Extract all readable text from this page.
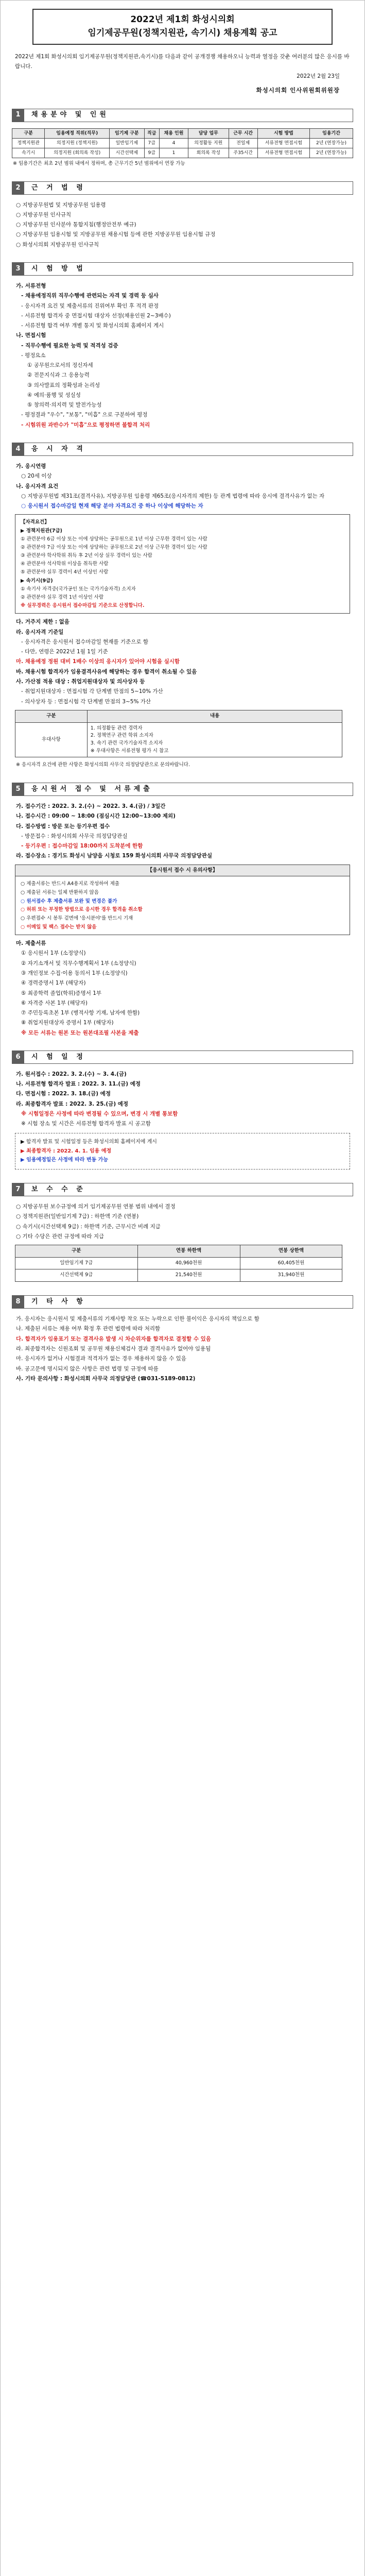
2022년 제1회 화성시의회
임기제공무원(정책지원관, 속기시) 채용계획 공고

2022년 제1회 화성시의회 임기제공무원(정책지원관,속기시)를 다음과 같이 공개경쟁 채용하오니 능력과 열정을 갖춘 여러분의 많은 응시를 바랍니다.

2022년 2월 23일

화성시의회 인사위원회위원장

1	채용분야 및 인원
구분	임용예정 직위(직무)	임기제 구분	직급	채용 인원	담당 업무	근무 시간	시험 방법	임용기간
정책지원관	의정지원 (정책지원)	일반임기제	7급	4	의정활동 지원	전일제	서류전형 면접시험	2년 (연장가능)
속기시	의정지원 (회의록 작성)	시간선택제	9급	1	회의록 작성	주35시간	서류전형 면접시험	2년 (연장가능)

※ 임용기간은 최초 2년 범위 내에서 정하며, 총 근무기간 5년 범위에서 연장 가능

2	근 거 법 령

○ 지방공무원법 및 지방공무원 임용령

○ 지방공무원 인사규칙

○ 지방공무원 인사분야 통합지침(행정안전부 예규)

○ 지방공무원 임용시험 및 지방공무원 채용시험 등에 관한 지방공무원 임용시험 규정

○ 화성시의회 지방공무원 인사규칙

3	시 험 방 법

가. 서류전형

- 채용예정직위 직무수행에 관련되는 자격 및 경력 등 심사

- 응시자격 요건 및 제출서류의 진위여부 확인 후 적격 판정

- 서류전형 합격자 중 면접시험 대상자 선정(채용인원 2~3배수)

- 서류전형 합격 여부 개별 통지 및 화성시의회 홈페이지 게시

나. 면접시험

- 직무수행에 필요한 능력 및 적격성 검증

- 평정요소

① 공무원으로서의 정신자세

② 전문지식과 그 응용능력

③ 의사발표의 정확성과 논리성

④ 예의·품행 및 성실성

⑤ 창의력·의지력 및 발전가능성

- 평정결과 "우수", "보통", "미흡" 으로 구분하여 평정

- 시험위원 과반수가 "미흡"으로 평정하면 불합격 처리

4	응 시 자 격

가. 응시연령

○ 20세 이상

나. 응시자격 요건

○ 지방공무원법 제31조(결격사유), 지방공무원 임용령 제65조(응시자격의 제한) 등 관계 법령에 따라 응시에 결격사유가 없는 자

○ 응시원서 접수마감일 현재 해당 분야 자격요건 중 하나 이상에 해당하는 자

【자격요건】

▶ 정책지원관(7급)

① 관련분야 6급 이상 또는 이에 상당하는 공무원으로 1년 이상 근무한 경력이 있는 사람

② 관련분야 7급 이상 또는 이에 상당하는 공무원으로 2년 이상 근무한 경력이 있는 사람

③ 관련분야 학사학위 취득 후 2년 이상 실무 경력이 있는 사람

④ 관련분야 석사학위 이상을 취득한 사람

⑤ 관련분야 실무 경력이 4년 이상인 사람

▶ 속기시(9급)

① 속기사 자격증(국가공인 또는 국가기술자격) 소지자

② 관련분야 실무 경력 1년 이상인 사람

※ 실무경력은 응시원서 접수마감일 기준으로 산정합니다.

다. 거주지 제한 : 없음

라. 응시자격 기준일

- 응시자격은 응시원서 접수마감일 현재를 기준으로 함

- 다만, 연령은 2022년 1월 1일 기준

마. 채용예정 정원 대비 1배수 이상의 응시자가 있어야 시험을 실시함

바. 채용시험 합격자가 임용결격사유에 해당하는 경우 합격이 취소될 수 있음

사. 가산점 적용 대상 : 취업지원대상자 및 의사상자 등

- 취업지원대상자 : 면접시험 각 단계별 만점의 5~10% 가산

- 의사상자 등 : 면접시험 각 단계별 만점의 3~5% 가산

구분	내용
우대사항	1. 의정활동 관련 경력자
2. 정책연구 관련 학위 소지자
3. 속기 관련 국가기술자격 소지자
※ 우대사항은 서류전형 평가 시 참고

※ 응시자격 요건에 관한 사항은 화성시의회 사무국 의정담당관으로 문의바랍니다.

5	응시원서 접수 및 서류제출

가. 접수기간 : 2022. 3. 2.(수) ~ 2022. 3. 4.(금) / 3일간

나. 접수시간 : 09:00 ~ 18:00 (점심시간 12:00~13:00 제외)

다. 접수방법 : 방문 또는 등기우편 접수

- 방문접수 : 화성시의회 사무국 의정담당관실

- 등기우편 : 접수마감일 18:00까지 도착분에 한함

라. 접수장소 : 경기도 화성시 남양읍 시청로 159 화성시의회 사무국 의정담당관실

【응시원서 접수 시 유의사항】

○ 제출서류는 반드시 A4용지로 작성하여 제출

○ 제출된 서류는 일체 반환하지 않음

○ 원서접수 후 제출서류 보완 및 변경은 불가

○ 허위 또는 부정한 방법으로 응시한 경우 합격을 취소함

○ 우편접수 시 봉투 겉면에 '응시분야'를 반드시 기재

○ 이메일 및 팩스 접수는 받지 않음

마. 제출서류

① 응시원서 1부 (소정양식)

② 자기소개서 및 직무수행계획서 1부 (소정양식)

③ 개인정보 수집·이용 동의서 1부 (소정양식)

④ 경력증명서 1부 (해당자)

⑤ 최종학력 졸업(학위)증명서 1부

⑥ 자격증 사본 1부 (해당자)

⑦ 주민등록초본 1부 (병적사항 기재, 남자에 한함)

⑧ 취업지원대상자 증명서 1부 (해당자)

※ 모든 서류는 원본 또는 원본대조필 사본을 제출

6	시 험 일 정

가. 원서접수 : 2022. 3. 2.(수) ~ 3. 4.(금)

나. 서류전형 합격자 발표 : 2022. 3. 11.(금) 예정

다. 면접시험 : 2022. 3. 18.(금) 예정

라. 최종합격자 발표 : 2022. 3. 25.(금) 예정

※ 시험일정은 사정에 따라 변경될 수 있으며, 변경 시 개별 통보함

※ 시험 장소 및 시간은 서류전형 합격자 발표 시 공고함

▶ 합격자 발표 및 시험일정 등은 화성시의회 홈페이지에 게시

▶ 최종합격자 : 2022. 4. 1. 임용 예정

▶ 임용예정일은 사정에 따라 변동 가능

7	보 수 수 준

○ 지방공무원 보수규정에 의거 임기제공무원 연봉 범위 내에서 결정

○ 정책지원관(일반임기제 7급) : 하한액 기준 (연봉)

○ 속기시(시간선택제 9급) : 하한액 기준, 근무시간 비례 지급

○ 기타 수당은 관련 규정에 따라 지급

구분	연봉 하한액	연봉 상한액
일반임기제 7급	40,960천원	60,405천원
시간선택제 9급	21,540천원	31,940천원
8	기 타 사 항

가. 응시자는 응시원서 및 제출서류의 기재사항 착오 또는 누락으로 인한 불이익은 응시자의 책임으로 함

나. 제출된 서류는 채용 여부 확정 후 관련 법령에 따라 처리함

다. 합격자가 임용포기 또는 결격사유 발생 시 차순위자를 합격자로 결정할 수 있음

라. 최종합격자는 신원조회 및 공무원 채용신체검사 결과 결격사유가 없어야 임용됨

마. 응시자가 없거나 시험결과 적격자가 없는 경우 채용하지 않을 수 있음

바. 공고문에 명시되지 않은 사항은 관련 법령 및 규정에 따름

사. 기타 문의사항 : 화성시의회 사무국 의정담당관 (☎031-5189-0812)
